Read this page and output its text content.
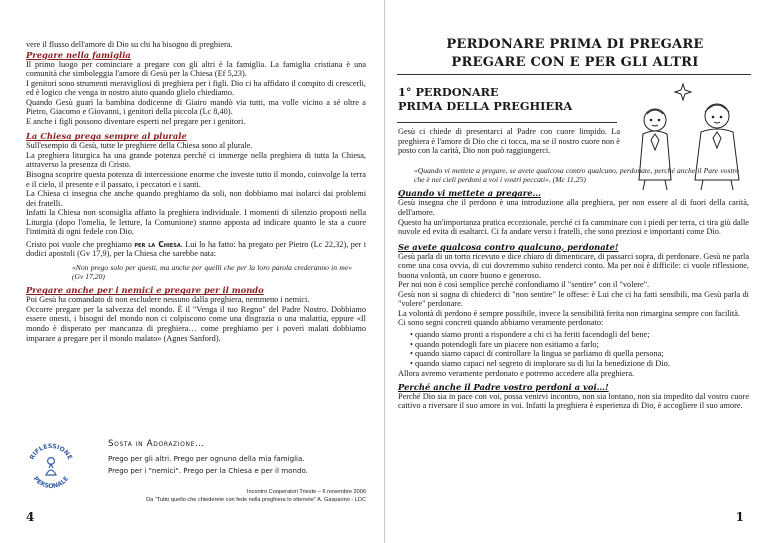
vere il flusso dell'amore di Dio su chi ha bisogno di preghiera.

Pregare nella famiglia

Il primo luogo per cominciare a pregare con gli altri è la famiglia. La famiglia cristiana è una comunità che simboleggia l'amore di Gesù per la Chiesa (Ef 5,23).

I genitori sono strumenti meravigliosi di preghiera per i figli. Dio ci ha affidato il compito di crescerli, ed è logico che venga in nostro aiuto quando glielo chiediamo.

Quando Gesù guarì la bambina dodicenne di Giairo mandò via tutti, ma volle vicino a sé oltre a Pietro, Giacomo e Giovanni, i genitori della piccola (Lc 8,40).

E anche i figli possono diventare esperti nel pregare per i genitori.

La Chiesa prega sempre al plurale

Sull'esempio di Gesù, tutte le preghiere della Chiesa sono al plurale.

La preghiera liturgica ha una grande potenza perché ci immerge nella preghiera di tutta la Chiesa, attraverso la presenza di Cristo.

Bisogna scoprire questa potenza di intercessione enorme che investe tutto il mondo, coinvolge la terra e il cielo, il presente e il passato, i peccatori e i santi.

La Chiesa ci insegna che anche quando preghiamo da soli, non dobbiamo mai isolarci dai problemi dei fratelli.

Infatti la Chiesa non sconsiglia affatto la preghiera individuale. I momenti di silenzio proposti nella Liturgia (dopo l'omelia, le letture, la Comunione) stanno apposta ad indicare quanto le sta a cuore l'intimità di ogni fedele con Dio.

Cristo poi vuole che preghiamo per la Chiesa. Lui lo ha fatto: ha pregato per Pietro (Lc 22,32), per i dodici apostoli (Gv 17,9), per la Chiesa che sarebbe nata:

«Non prego solo per questi, ma anche per quelli che per la loro parola crederanno in me» (Gv 17,20)

Pregare anche per i nemici e pregare per il mondo

Poi Gesù ha comandato di non escludere nessuno dalla preghiera, nemmeno i nemici.

Occorre pregare per la salvezza del mondo. È il "Venga il tuo Regno" del Padre Nostro. Dobbiamo essere onesti, i bisogni del mondo non ci colpiscono come una disgrazia o una malattia, eppure «Il mondo è disperato per mancanza di preghiera… come preghiamo per i poveri malati dobbiamo imparare a pregare per il mondo malato» (Agnes Sanford).

RIFLESSIONE
PERSONALE
Sosta in Adorazione…
Prego per gli altri. Prego per ognuno della mia famiglia.
Prego per i "nemici". Prego per la Chiesa e per il mondo.
Incontro Cooperatori Trieste – 6 novembre 2006
Da "Tutto quello che chiederete con fede nella preghiera lo otterrete" A. Gasparino - LDC
4
PERDONARE PRIMA DI PREGARE
PREGARE CON E PER GLI ALTRI
1° PERDONARE
PRIMA DELLA PREGHIERA

Gesù ci chiede di presentarci al Padre con cuore limpido. La preghiera è l'amore di Dio che ci tocca, ma se il nostro cuore non è posto con la carità, Dio non può raggiungerci.

«Quando vi mettete a pregare, se avete qualcosa contro qualcuno, perdonate, perché anche il Pare vostro che è nei cieli perdoni a voi i vostri peccati». (Mc 11,25)

Quando vi mettete a pregare…

Gesù insegna che il perdono è una introduzione alla preghiera, per non essere al di fuori della carità, dell'amore.

Questo ha un'importanza pratica eccezionale, perché ci fa camminare con i piedi per terra, ci tira giù dalle nuvole ed evita di esaltarci. Ci fa andare verso i fratelli, che sono preziosi e importanti come Dio.

Se avete qualcosa contro qualcuno, perdonate!

Gesù parla di un torto ricevuto e dice chiaro di dimenticare, di passarci sopra, di perdonare. Gesù ne parla come una cosa ovvia, di cui dovremmo subito renderci conto. Ma per noi è difficile: ci vuole riflessione, buona volontà, un cuore buono e generoso.

Per noi non è così semplice perché confondiamo il "sentire" con il "volere".

Gesù non si sogna di chiederci di "non sentire" le offese: è Lui che ci ha fatti sensibili, ma Gesù parla di "volere" perdonare.

La volontà di perdono è sempre possibile, invece la sensibilità ferita non rimargina sempre con facilità.

Ci sono segni concreti quando abbiamo veramente perdonato:

• quando siamo pronti a rispondere a chi ci ha feriti facendogli del bene;
• quando potendogli fare un piacere non esitiamo a farlo;
• quando siamo capaci di controllare la lingua se parliamo di quella persona;
• quando siamo capaci nel segreto di implorare su di lui la benedizione di Dio.

Allora avremo veramente perdonato e potremo accedere alla preghiera.

Perché anche il Padre vostro perdoni a voi…!

Perché Dio sia in pace con voi, possa venirvi incontro, non sia lontano, non sia impedito dal vostro cuore cattivo a riversare il suo amore in voi. Infatti la preghiera è esperienza di Dio, è accogliere il suo amore.

1
